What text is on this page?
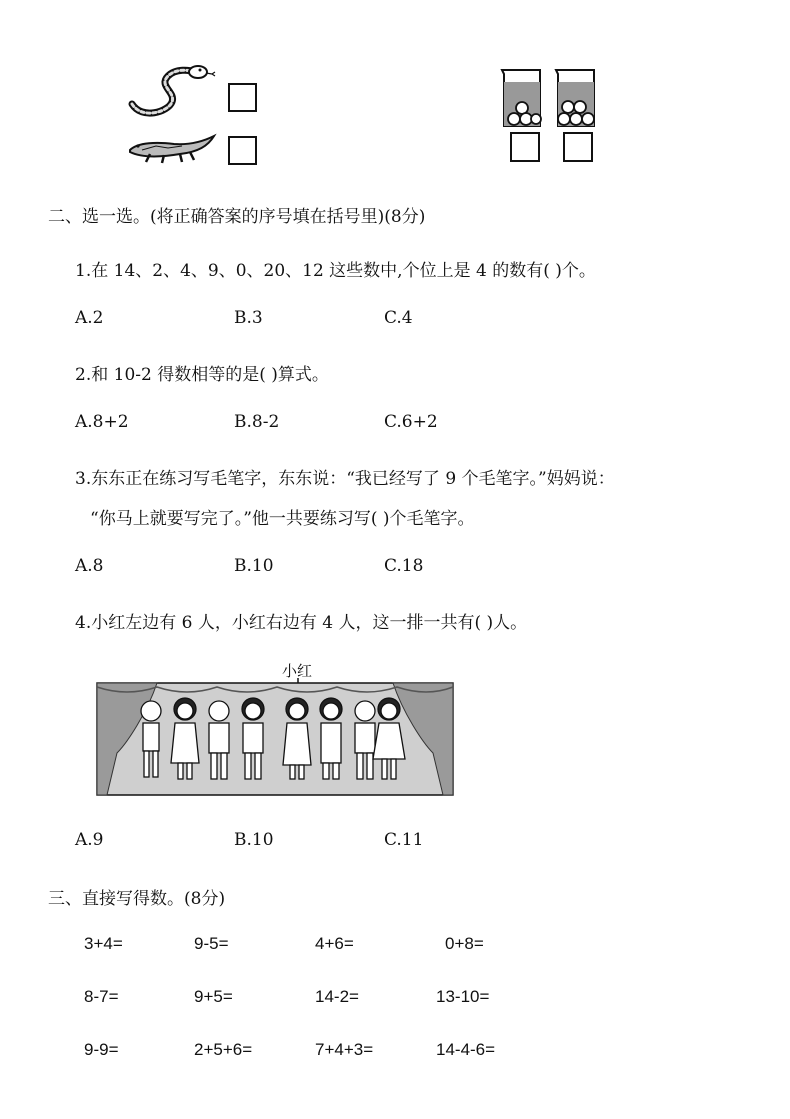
二、选一选。(将正确答案的序号填在括号里)(8分)
1.在 14、2、4、9、0、20、12 这些数中,个位上是 4 的数有( )个。
A.2	B.3	C.4
2.和 10-2 得数相等的是( )算式。
A.8+2	B.8-2	C.6+2
3.东东正在练习写毛笔字，东东说：“我已经写了 9 个毛笔字。”妈妈说：
“你马上就要写完了。”他一共要练习写( )个毛笔字。
A.8	B.10	C.18
4.小红左边有 6 人，小红右边有 4 人，这一排一共有( )人。
小红
A.9	B.10	C.11
三、直接写得数。(8分)
3+4=	9-5=	4+6=	0+8=
8-7=	9+5=	14-2=	13-10=
9-9=	2+5+6=	7+4+3=	14-4-6=
